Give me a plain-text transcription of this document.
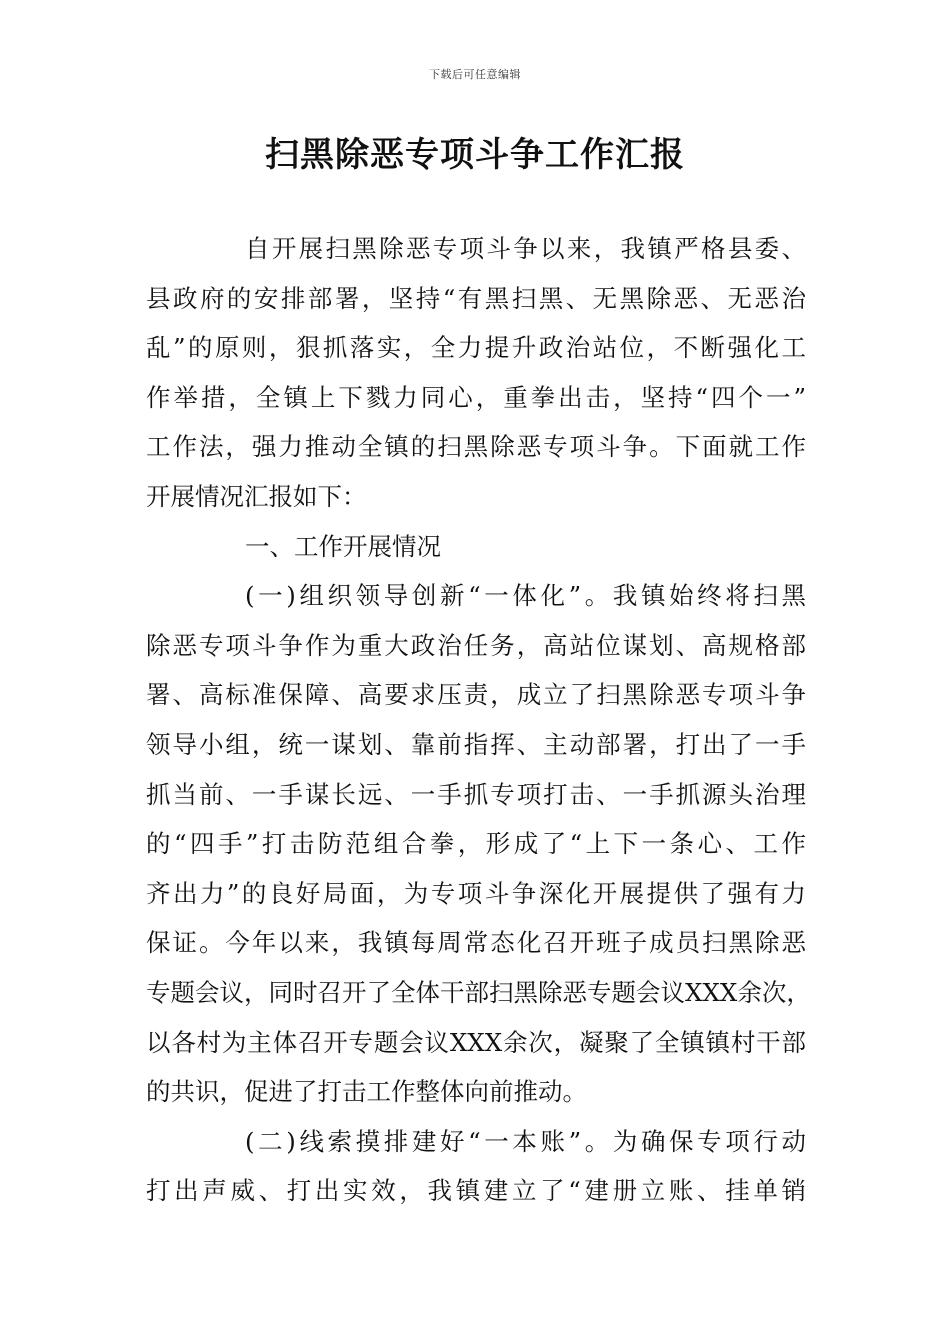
下载后可任意编辑
扫黑除恶专项斗争工作汇报
自开展扫黑除恶专项斗争以来，我镇严格县委、
县政府的安排部署，坚持“有黑扫黑、无黑除恶、无恶治
乱”的原则，狠抓落实，全力提升政治站位，不断强化工
作举措，全镇上下戮力同心，重拳出击，坚持“四个一”
工作法，强力推动全镇的扫黑除恶专项斗争。下面就工作
开展情况汇报如下：
一、工作开展情况
(一)组织领导创新“一体化”。我镇始终将扫黑
除恶专项斗争作为重大政治任务，高站位谋划、高规格部
署、高标准保障、高要求压责，成立了扫黑除恶专项斗争
领导小组，统一谋划、靠前指挥、主动部署，打出了一手
抓当前、一手谋长远、一手抓专项打击、一手抓源头治理
的“四手”打击防范组合拳，形成了“上下一条心、工作
齐出力”的良好局面，为专项斗争深化开展提供了强有力
保证。今年以来，我镇每周常态化召开班子成员扫黑除恶
专题会议，同时召开了全体干部扫黑除恶专题会议XXX余次，
以各村为主体召开专题会议XXX余次，凝聚了全镇镇村干部
的共识，促进了打击工作整体向前推动。
(二)线索摸排建好“一本账”。为确保专项行动
打出声威、打出实效，我镇建立了“建册立账、挂单销
